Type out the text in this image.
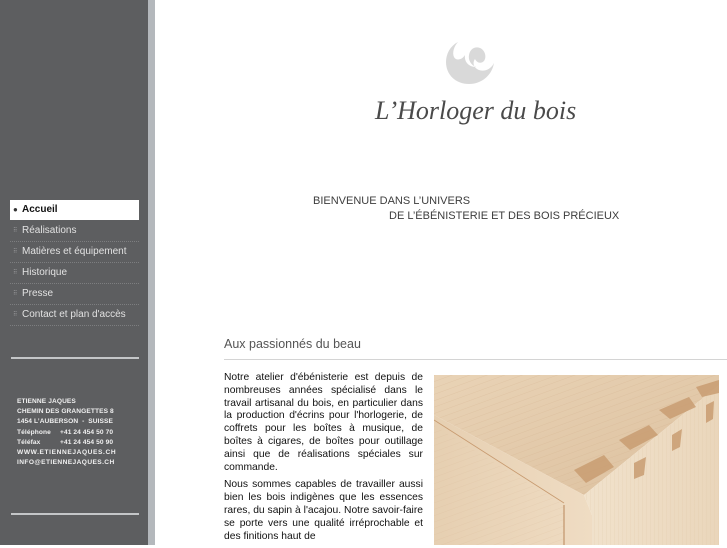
● Accueil
⠿ Réalisations
⠿ Matières et équipement
⠿ Historique
⠿ Presse
⠿ Contact et plan d'accès
ETIENNE JAQUES
CHEMIN DES GRANGETTES 8
1454 L’AUBERSON  -  SUISSE
Téléphone +41 24 454 50 70
Téléfax	+41 24 454 50 90
WWW.ETIENNEJAQUES.CH
INFO@ETIENNEJAQUES.CH
L’Horloger du bois
BIENVENUE DANS L’UNIVERS
DE L’ÉBÉNISTERIE ET DES BOIS PRÉCIEUX
Aux passionnés du beau

Notre atelier d'ébénisterie est depuis de nombreuses années spécialisé dans le travail artisanal du bois, en particulier dans la production d'écrins pour l'horlogerie, de coffrets pour les boîtes à musique, de boîtes à cigares, de boîtes pour outillage ainsi que de réalisations spéciales sur commande.

Nous sommes capables de travailler aussi bien les bois indigènes que les essences rares, du sapin à l'acajou. Notre savoir-faire se porte vers une qualité irréprochable et des finitions haut de
